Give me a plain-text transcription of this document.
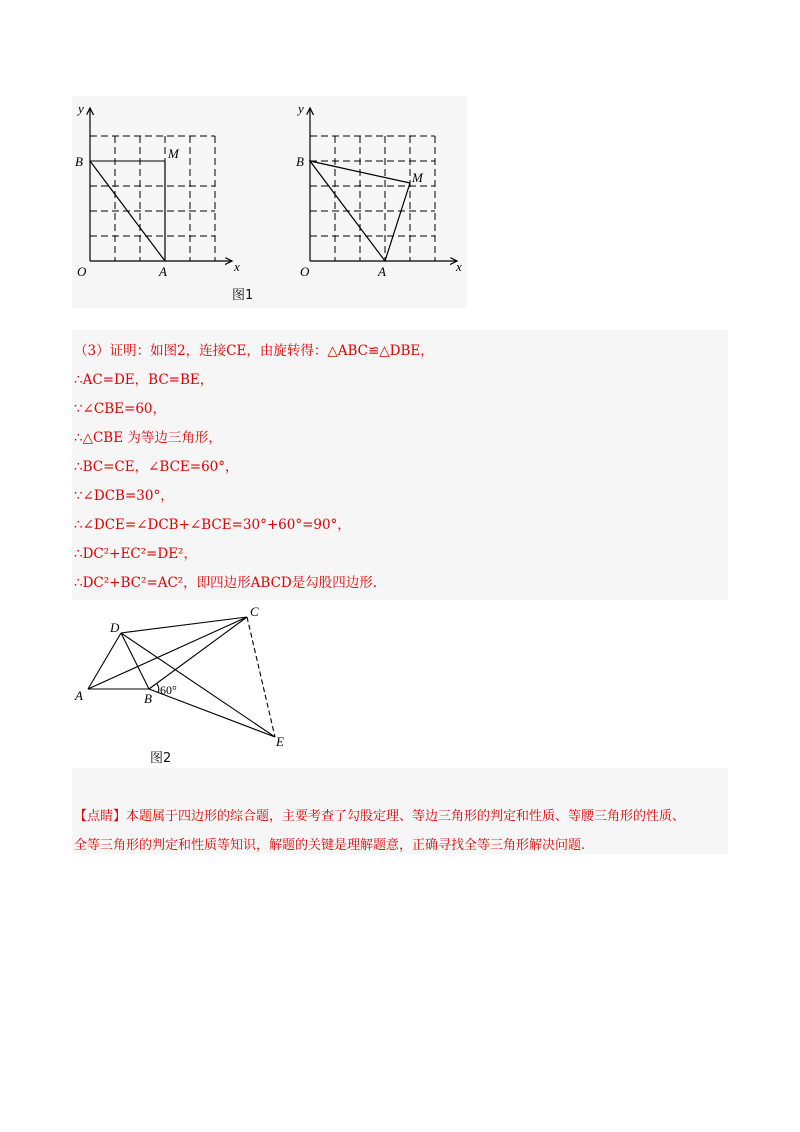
y
x
O	A
B
M
y
x
O	A
B
M
图1
（3）证明：如图2，连接CE，由旋转得：△ABC≌△DBE，
∴AC=DE，BC=BE，
∵∠CBE=60，
∴△CBE 为等边三角形，
∴BC=CE，∠BCE=60°，
∵∠DCB=30°，
∴∠DCE=∠DCB+∠BCE=30°+60°=90°，
∴DC²+EC²=DE²，
∴DC²+BC²=AC²，即四边形ABCD是勾股四边形.
D
C
A	B
E
60°
图2
【点睛】本题属于四边形的综合题，主要考查了勾股定理、等边三角形的判定和性质、等腰三角形的性质、
全等三角形的判定和性质等知识，解题的关键是理解题意，正确寻找全等三角形解决问题.
